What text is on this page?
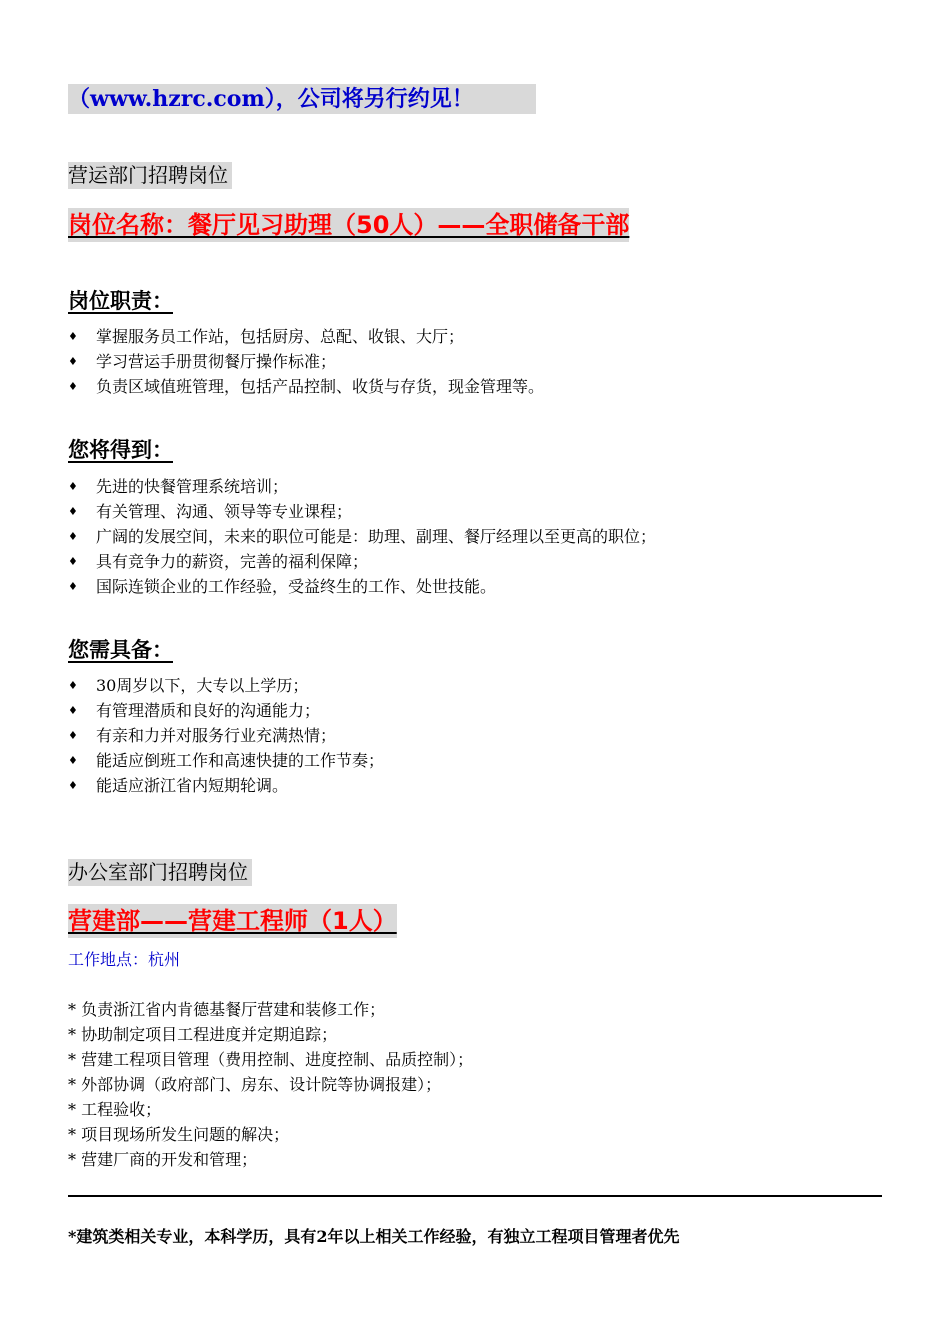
（www.hzrc.com），公司将另行约见！
营运部门招聘岗位
岗位名称：餐厅见习助理（50人）——全职储备干部
岗位职责：
♦ 掌握服务员工作站，包括厨房、总配、收银、大厅；
♦ 学习营运手册贯彻餐厅操作标准；
♦ 负责区域值班管理，包括产品控制、收货与存货，现金管理等。
您将得到：
♦ 先进的快餐管理系统培训；
♦ 有关管理、沟通、领导等专业课程；
♦ 广阔的发展空间，未来的职位可能是：助理、副理、餐厅经理以至更高的职位；
♦ 具有竞争力的薪资，完善的福利保障；
♦ 国际连锁企业的工作经验，受益终生的工作、处世技能。
您需具备：
♦ 30周岁以下，大专以上学历；
♦ 有管理潜质和良好的沟通能力；
♦ 有亲和力并对服务行业充满热情；
♦ 能适应倒班工作和高速快捷的工作节奏；
♦ 能适应浙江省内短期轮调。
办公室部门招聘岗位
营建部——营建工程师（1人）
工作地点：杭州
* 负责浙江省内肯德基餐厅营建和装修工作；
* 协助制定项目工程进度并定期追踪；
* 营建工程项目管理（费用控制、进度控制、品质控制）；
* 外部协调（政府部门、房东、设计院等协调报建）；
* 工程验收；
* 项目现场所发生问题的解决；
* 营建厂商的开发和管理；
*建筑类相关专业，本科学历，具有2年以上相关工作经验，有独立工程项目管理者优先
